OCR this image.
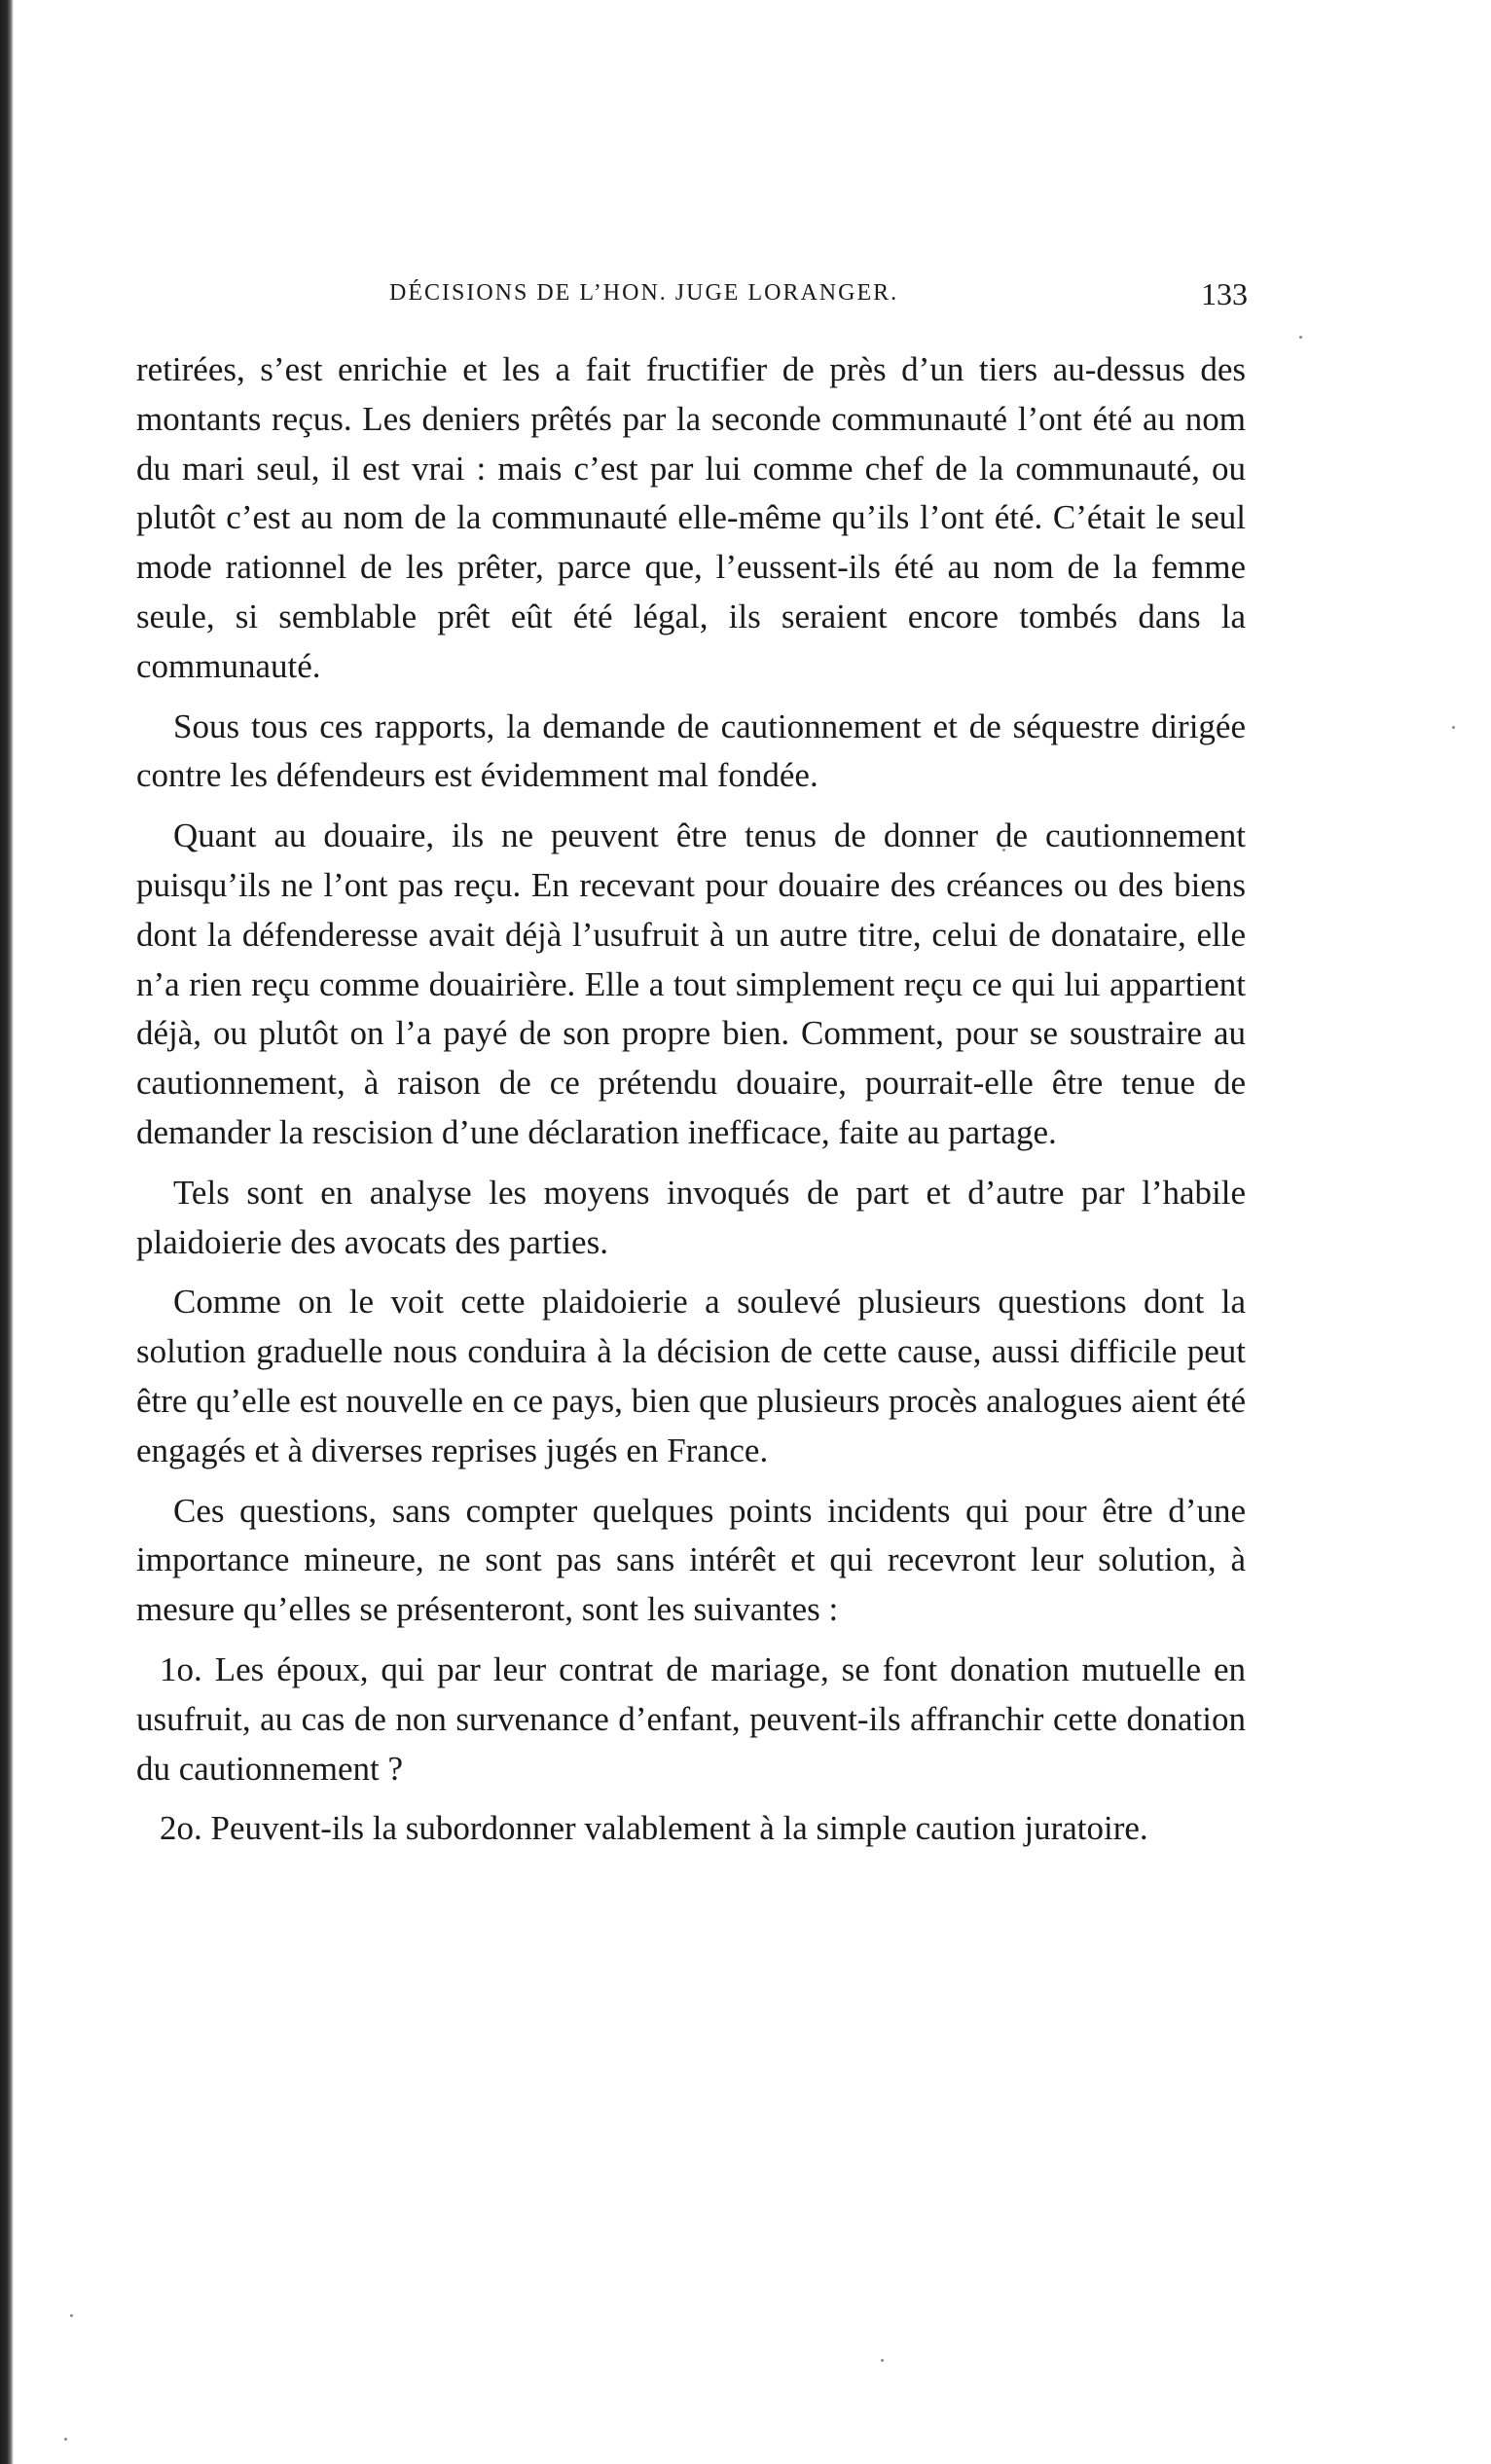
DÉCISIONS DE L’HON. JUGE LORANGER.	133

retirées, s’est enrichie et les a fait fructifier de près d’un tiers au-dessus des montants reçus. Les deniers prêtés par la seconde communauté l’ont été au nom du mari seul, il est vrai : mais c’est par lui comme chef de la communauté, ou plutôt c’est au nom de la communauté elle-même qu’ils l’ont été. C’était le seul mode rationnel de les prêter, parce que, l’eussent-ils été au nom de la femme seule, si semblable prêt eût été légal, ils seraient encore tombés dans la communauté.

Sous tous ces rapports, la demande de cautionnement et de séquestre dirigée contre les défendeurs est évidemment mal fondée.

Quant au douaire, ils ne peuvent être tenus de donner de cautionnement puisqu’ils ne l’ont pas reçu. En recevant pour douaire des créances ou des biens dont la défenderesse avait déjà l’usufruit à un autre titre, celui de donataire, elle n’a rien reçu comme douairière. Elle a tout simplement reçu ce qui lui appartient déjà, ou plutôt on l’a payé de son propre bien. Comment, pour se soustraire au cautionnement, à raison de ce prétendu douaire, pourrait-elle être tenue de demander la rescision d’une déclaration inefficace, faite au partage.

Tels sont en analyse les moyens invoqués de part et d’autre par l’habile plaidoierie des avocats des parties.

Comme on le voit cette plaidoierie a soulevé plusieurs questions dont la solution graduelle nous conduira à la décision de cette cause, aussi difficile peut être qu’elle est nouvelle en ce pays, bien que plusieurs procès analogues aient été engagés et à diverses reprises jugés en France.

Ces questions, sans compter quelques points incidents qui pour être d’une importance mineure, ne sont pas sans intérêt et qui recevront leur solution, à mesure qu’elles se présenteront, sont les suivantes :

1o. Les époux, qui par leur contrat de mariage, se font donation mutuelle en usufruit, au cas de non survenance d’enfant, peuvent-ils affranchir cette donation du cautionnement ?

2o. Peuvent-ils la subordonner valablement à la simple caution juratoire.
